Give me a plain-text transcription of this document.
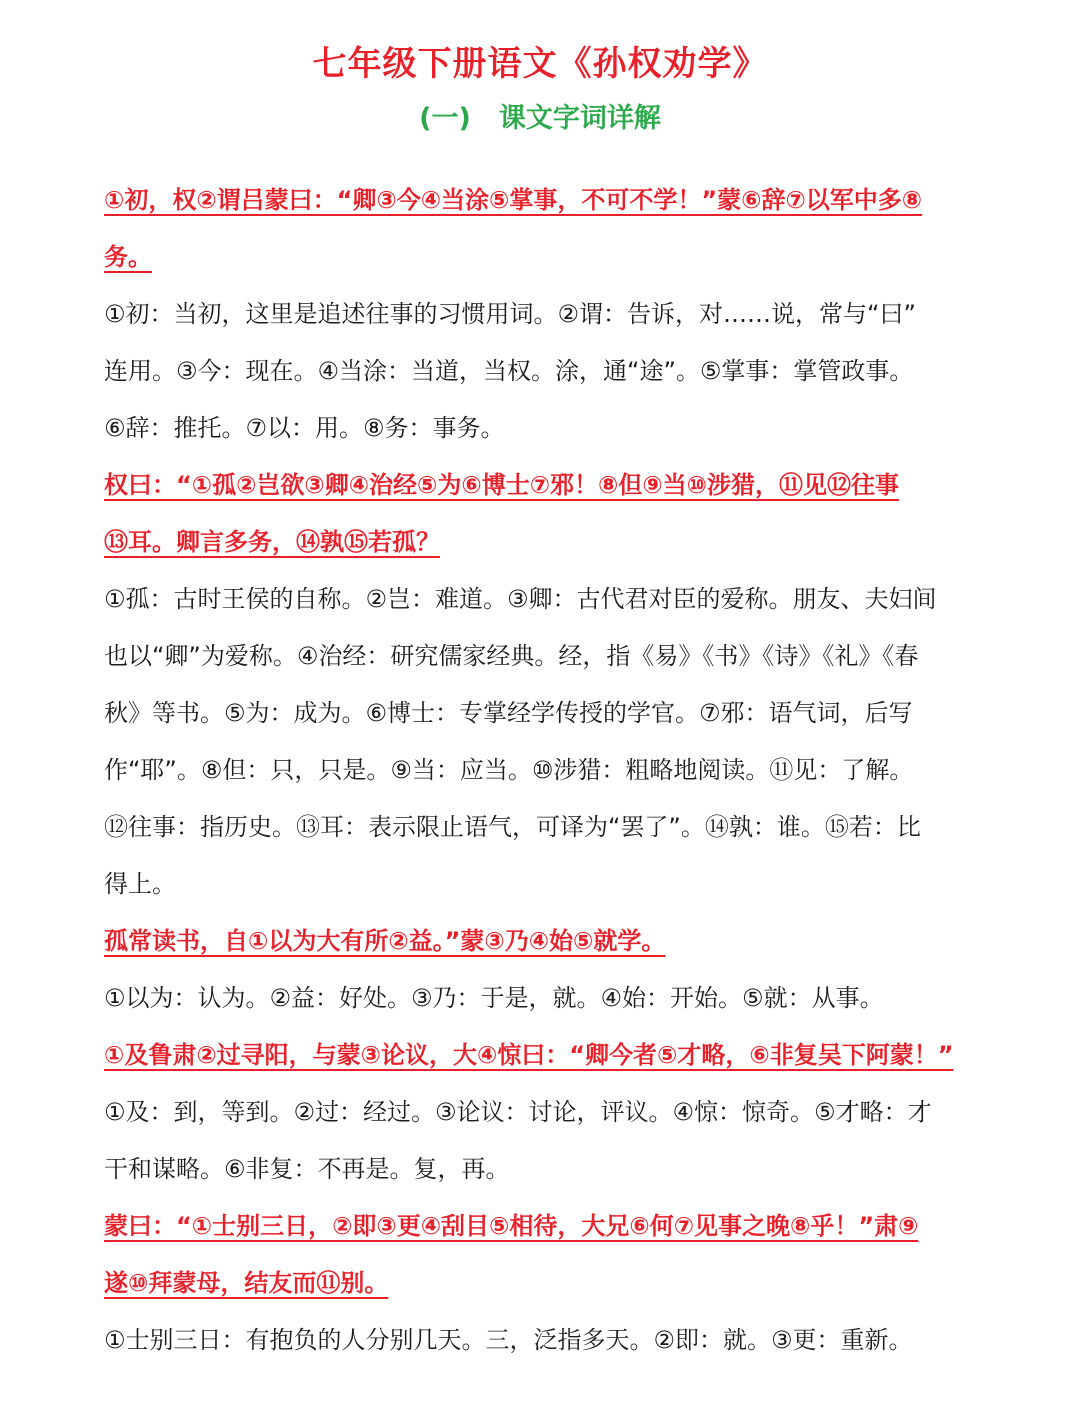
七年级下册语文《孙权劝学》
(一) 课文字词详解
①初，权②谓吕蒙曰：“卿③今④当涂⑤掌事，不可不学！”蒙⑥辞⑦以军中多⑧
务。
①初：当初，这里是追述往事的习惯用词。②谓：告诉，对……说，常与“曰”
连用。③今：现在。④当涂：当道，当权。涂，通“途”。⑤掌事：掌管政事。
⑥辞：推托。⑦以：用。⑧务：事务。
权曰：“①孤②岂欲③卿④治经⑤为⑥博士⑦邪！⑧但⑨当⑩涉猎，⑪见⑫往事
⑬耳。卿言多务，⑭孰⑮若孤？
①孤：古时王侯的自称。②岂：难道。③卿：古代君对臣的爱称。朋友、夫妇间
也以“卿”为爱称。④治经：研究儒家经典。经，指《易》《书》《诗》《礼》《春
秋》等书。⑤为：成为。⑥博士：专掌经学传授的学官。⑦邪：语气词，后写
作“耶”。⑧但：只，只是。⑨当：应当。⑩涉猎：粗略地阅读。⑪见：了解。
⑫往事：指历史。⑬耳：表示限止语气，可译为“罢了”。⑭孰：谁。⑮若：比
得上。
孤常读书，自①以为大有所②益。”蒙③乃④始⑤就学。
①以为：认为。②益：好处。③乃：于是，就。④始：开始。⑤就：从事。
①及鲁肃②过寻阳，与蒙③论议，大④惊曰：“卿今者⑤才略，⑥非复吴下阿蒙！”
①及：到，等到。②过：经过。③论议：讨论，评议。④惊：惊奇。⑤才略：才
干和谋略。⑥非复：不再是。复，再。
蒙曰：“①士别三日，②即③更④刮目⑤相待，大兄⑥何⑦见事之晚⑧乎！”肃⑨
遂⑩拜蒙母，结友而⑪别。
①士别三日：有抱负的人分别几天。三，泛指多天。②即：就。③更：重新。
